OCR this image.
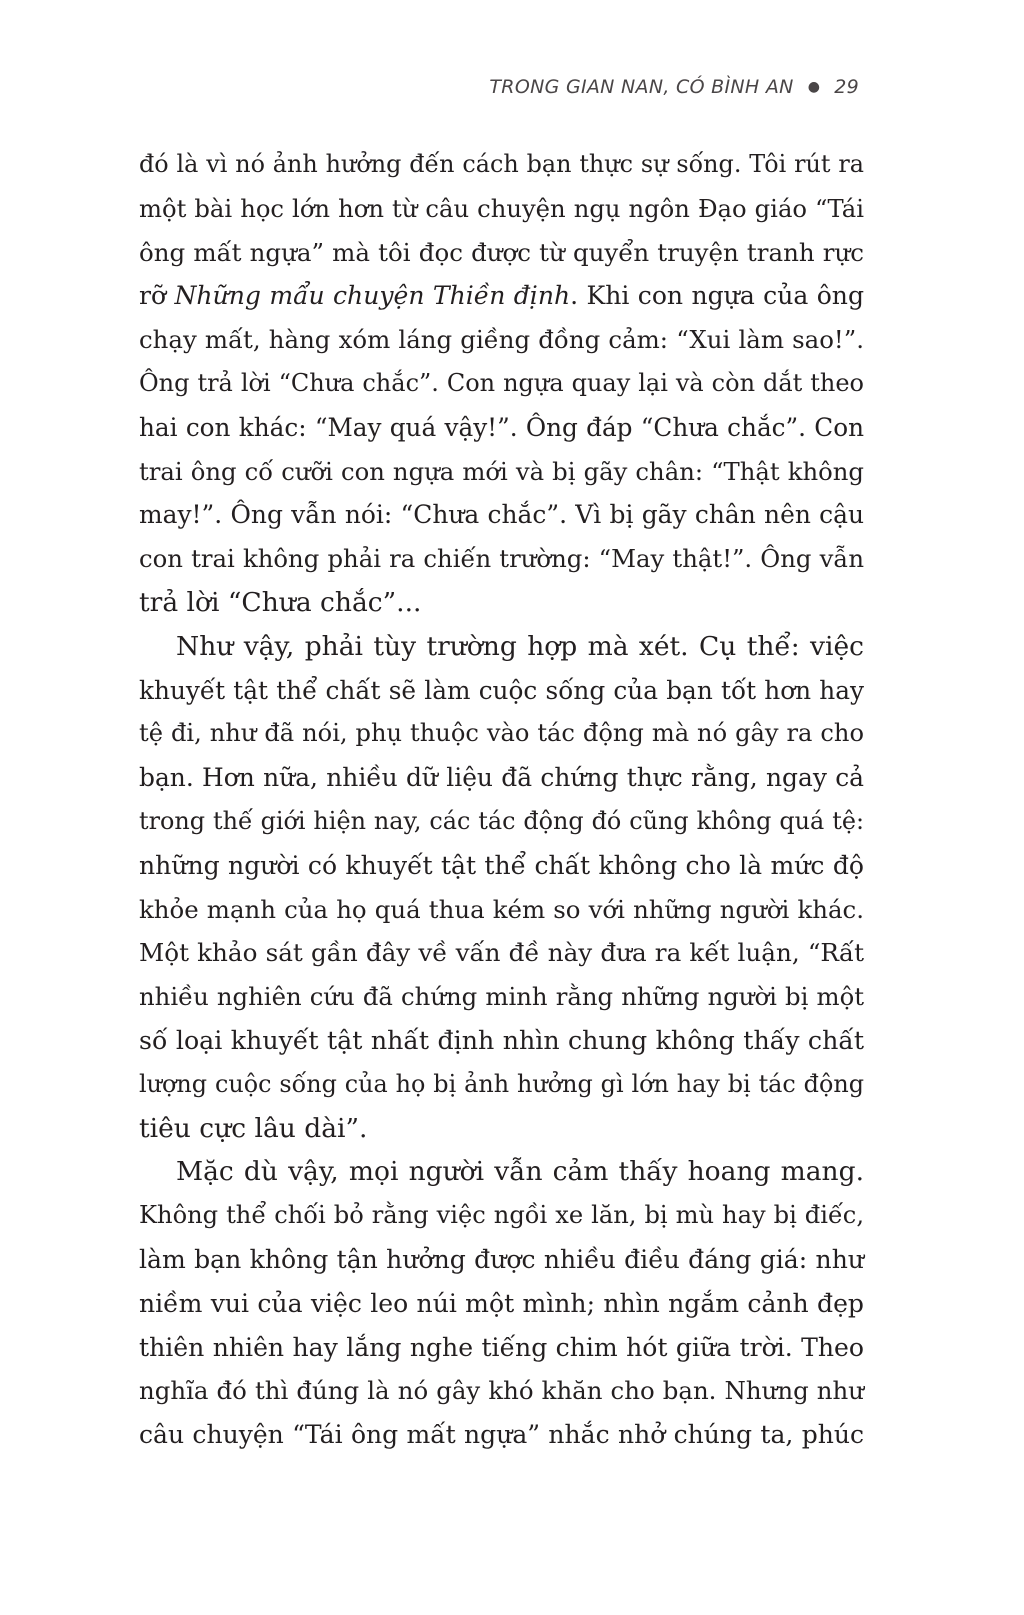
TRONG GIAN NAN, CÓ BÌNH AN ● 29
đó là vì nó ảnh hưởng đến cách bạn thực sự sống. Tôi rút ra
một bài học lớn hơn từ câu chuyện ngụ ngôn Đạo giáo “Tái
ông mất ngựa” mà tôi đọc được từ quyển truyện tranh rực
rỡ Những mẩu chuyện Thiền định. Khi con ngựa của ông
chạy mất, hàng xóm láng giềng đồng cảm: “Xui làm sao!”.
Ông trả lời “Chưa chắc”. Con ngựa quay lại và còn dắt theo
hai con khác: “May quá vậy!”. Ông đáp “Chưa chắc”. Con
trai ông cố cưỡi con ngựa mới và bị gãy chân: “Thật không
may!”. Ông vẫn nói: “Chưa chắc”. Vì bị gãy chân nên cậu
con trai không phải ra chiến trường: “May thật!”. Ông vẫn
trả lời “Chưa chắc”...
Như vậy, phải tùy trường hợp mà xét. Cụ thể: việc
khuyết tật thể chất sẽ làm cuộc sống của bạn tốt hơn hay
tệ đi, như đã nói, phụ thuộc vào tác động mà nó gây ra cho
bạn. Hơn nữa, nhiều dữ liệu đã chứng thực rằng, ngay cả
trong thế giới hiện nay, các tác động đó cũng không quá tệ:
những người có khuyết tật thể chất không cho là mức độ
khỏe mạnh của họ quá thua kém so với những người khác.
Một khảo sát gần đây về vấn đề này đưa ra kết luận, “Rất
nhiều nghiên cứu đã chứng minh rằng những người bị một
số loại khuyết tật nhất định nhìn chung không thấy chất
lượng cuộc sống của họ bị ảnh hưởng gì lớn hay bị tác động
tiêu cực lâu dài”.
Mặc dù vậy, mọi người vẫn cảm thấy hoang mang.
Không thể chối bỏ rằng việc ngồi xe lăn, bị mù hay bị điếc,
làm bạn không tận hưởng được nhiều điều đáng giá: như
niềm vui của việc leo núi một mình; nhìn ngắm cảnh đẹp
thiên nhiên hay lắng nghe tiếng chim hót giữa trời. Theo
nghĩa đó thì đúng là nó gây khó khăn cho bạn. Nhưng như
câu chuyện “Tái ông mất ngựa” nhắc nhở chúng ta, phúc
